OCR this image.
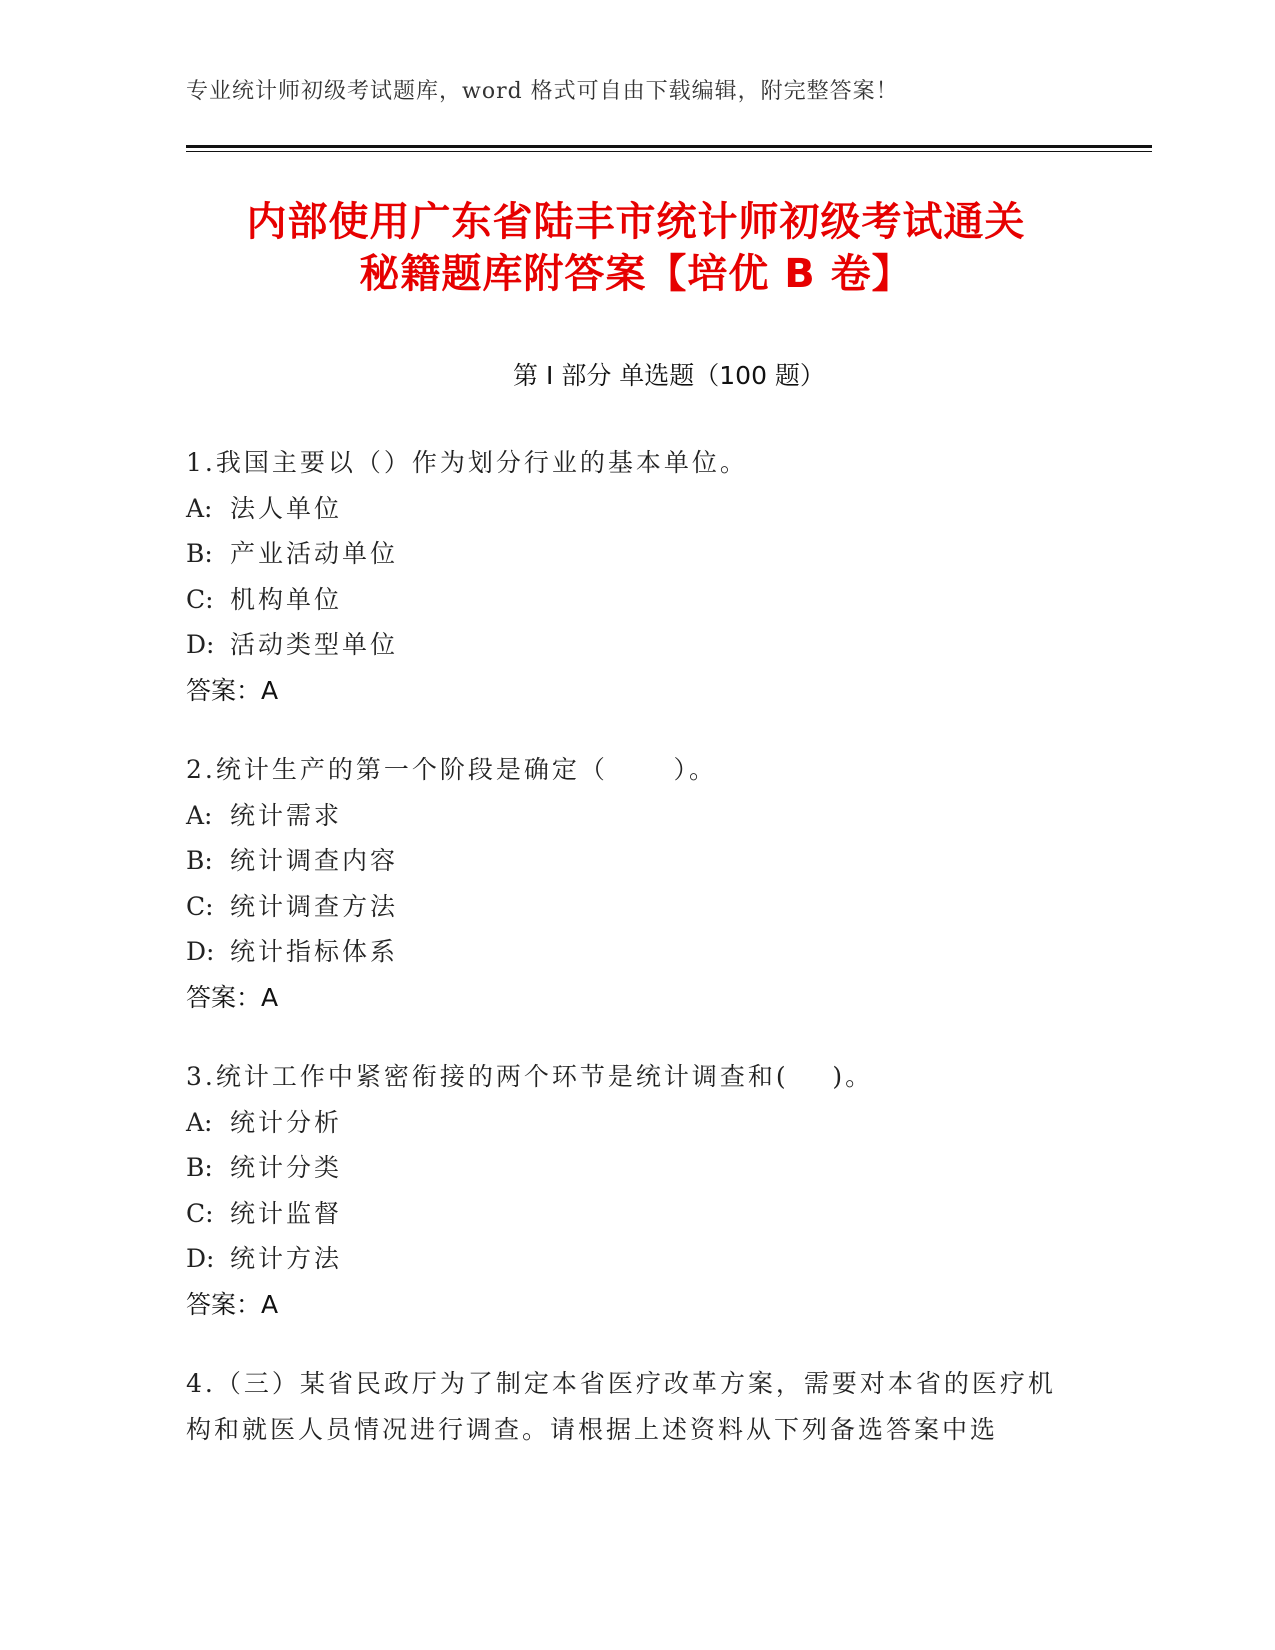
专业统计师初级考试题库，word 格式可自由下载编辑，附完整答案！
内部使用广东省陆丰市统计师初级考试通关
秘籍题库附答案【培优 B 卷】
第 I 部分 单选题（100 题）
1.我国主要以（）作为划分行业的基本单位。
A: 法人单位
B: 产业活动单位
C: 机构单位
D: 活动类型单位
答案：A
2.统计生产的第一个阶段是确定（      ）。
A: 统计需求
B: 统计调查内容
C: 统计调查方法
D: 统计指标体系
答案：A
3.统计工作中紧密衔接的两个环节是统计调查和(    )。
A: 统计分析
B: 统计分类
C: 统计监督
D: 统计方法
答案：A
4.（三）某省民政厅为了制定本省医疗改革方案，需要对本省的医疗机构和就医人员情况进行调查。请根据上述资料从下列备选答案中选
